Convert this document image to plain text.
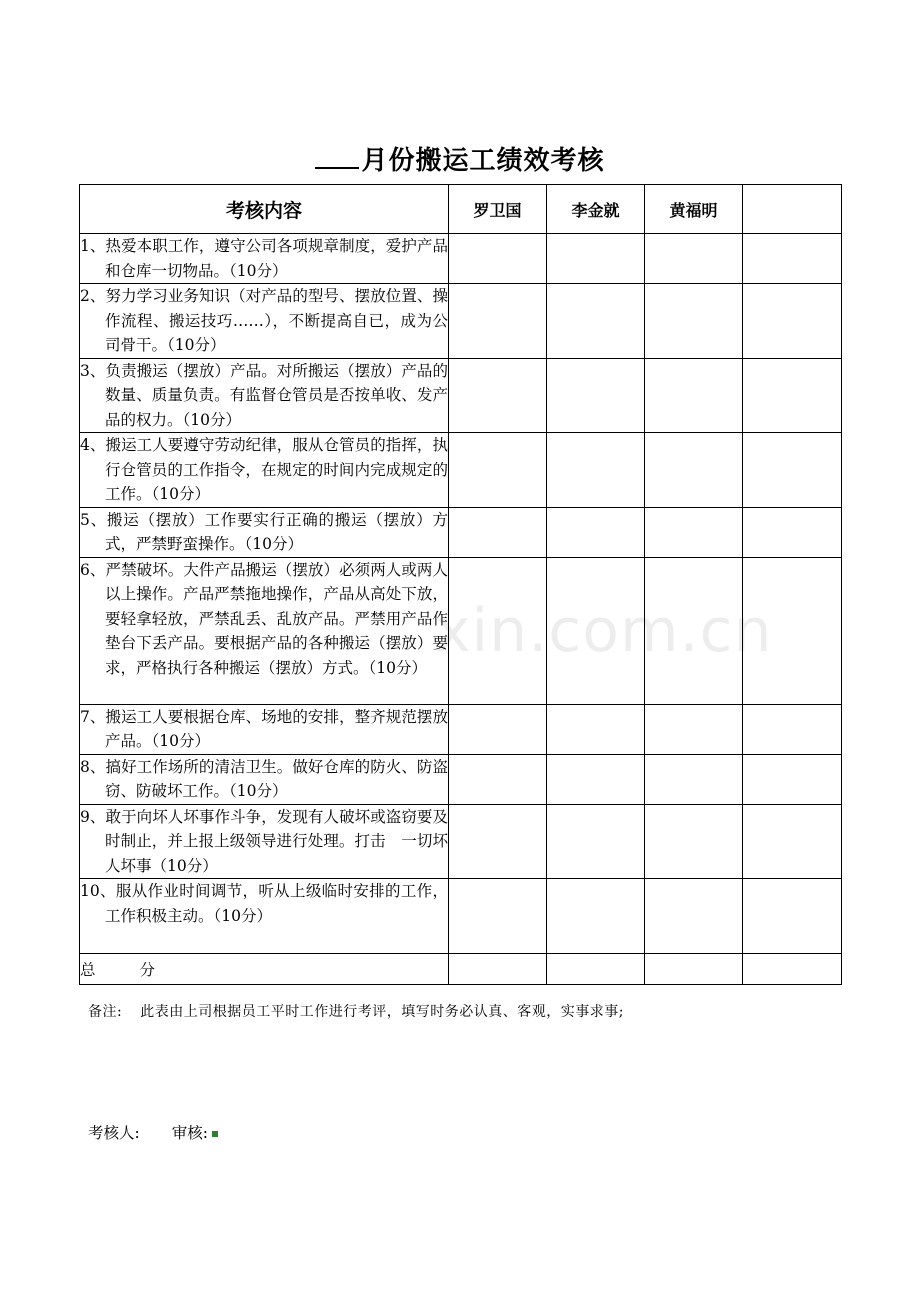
xin.com.cn
月份搬运工绩效考核
考核内容	罗卫国	李金就	黄福明	

1、热爱本职工作，遵守公司各项规章制度，爱护产品和仓库一切物品。（10分）				

2、努力学习业务知识（对产品的型号、摆放位置、操作流程、搬运技巧……），不断提高自已，成为公司骨干。（10分）				

3、负责搬运（摆放）产品。对所搬运（摆放）产品的数量、质量负责。有监督仓管员是否按单收、发产品的权力。（10分）				

4、搬运工人要遵守劳动纪律，服从仓管员的指挥，执行仓管员的工作指令，在规定的时间内完成规定的工作。（10分）				

5、搬运（摆放）工作要实行正确的搬运（摆放）方式，严禁野蛮操作。（10分）				

6、严禁破坏。大件产品搬运（摆放）必须两人或两人以上操作。产品严禁拖地操作，产品从高处下放，要轻拿轻放，严禁乱丢、乱放产品。严禁用产品作垫台下丢产品。要根据产品的各种搬运（摆放）要求，严格执行各种搬运（摆放）方式。（10分）				

7、搬运工人要根据仓库、场地的安排，整齐规范摆放产品。（10分）				

8、搞好工作场所的清洁卫生。做好仓库的防火、防盗窃、防破坏工作。（10分）				

9、敢于向坏人坏事作斗争，发现有人破坏或盗窃要及时制止，并上报上级领导进行处理。打击　一切坏人坏事（10分）				

10、服从作业时间调节，听从上级临时安排的工作，工作积极主动。（10分）				

总 分				
备注: 此表由上司根据员工平时工作进行考评，填写时务必认真、客观，实事求事;
考核人: 审核:
